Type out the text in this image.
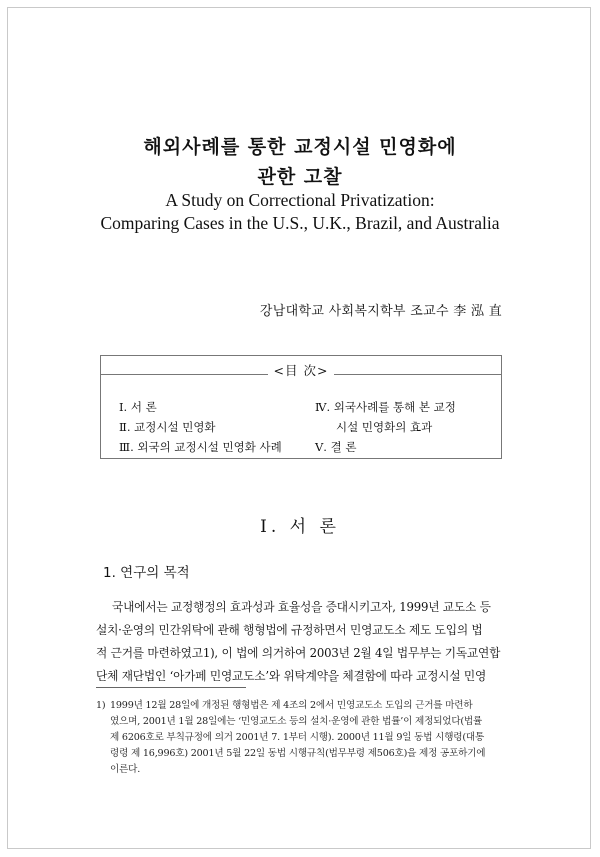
해외사례를 통한 교정시설 민영화에
관한 고찰
A Study on Correctional Privatization:
Comparing Cases in the U.S., U.K., Brazil, and Australia
강남대학교 사회복지학부 조교수 李 泓 直
<目 次>
Ⅰ. 서 론
Ⅱ. 교정시설 민영화
Ⅲ. 외국의 교정시설 민영화 사례
Ⅳ. 외국사례를 통해 본 교정
시설 민영화의 효과
Ⅴ. 결 론
Ⅰ. 서 론
1. 연구의 목적
국내에서는 교정행정의 효과성과 효율성을 증대시키고자, 1999년 교도소 등
설치·운영의 민간위탁에 관해 행형법에 규정하면서 민영교도소 제도 도입의 법
적 근거를 마련하였고1), 이 법에 의거하여 2003년 2월 4일 법무부는 기독교연합
단체 재단법인 ‘아가페 민영교도소’와 위탁계약을 체결함에 따라 교정시설 민영
1) 1999년 12월 28일에 개정된 행형법은 제 4조의 2에서 민영교도소 도입의 근거를 마련하
였으며, 2001년 1월 28일에는 ‘민영교도소 등의 설치·운영에 관한 법률’이 제정되었다(법률
제 6206호로 부칙규정에 의거 2001년 7. 1부터 시행). 2000년 11월 9일 동법 시행령(대통
령령 제 16,996호) 2001년 5월 22일 동법 시행규칙(법무부령 제506호)을 제정 공포하기에
이른다.
